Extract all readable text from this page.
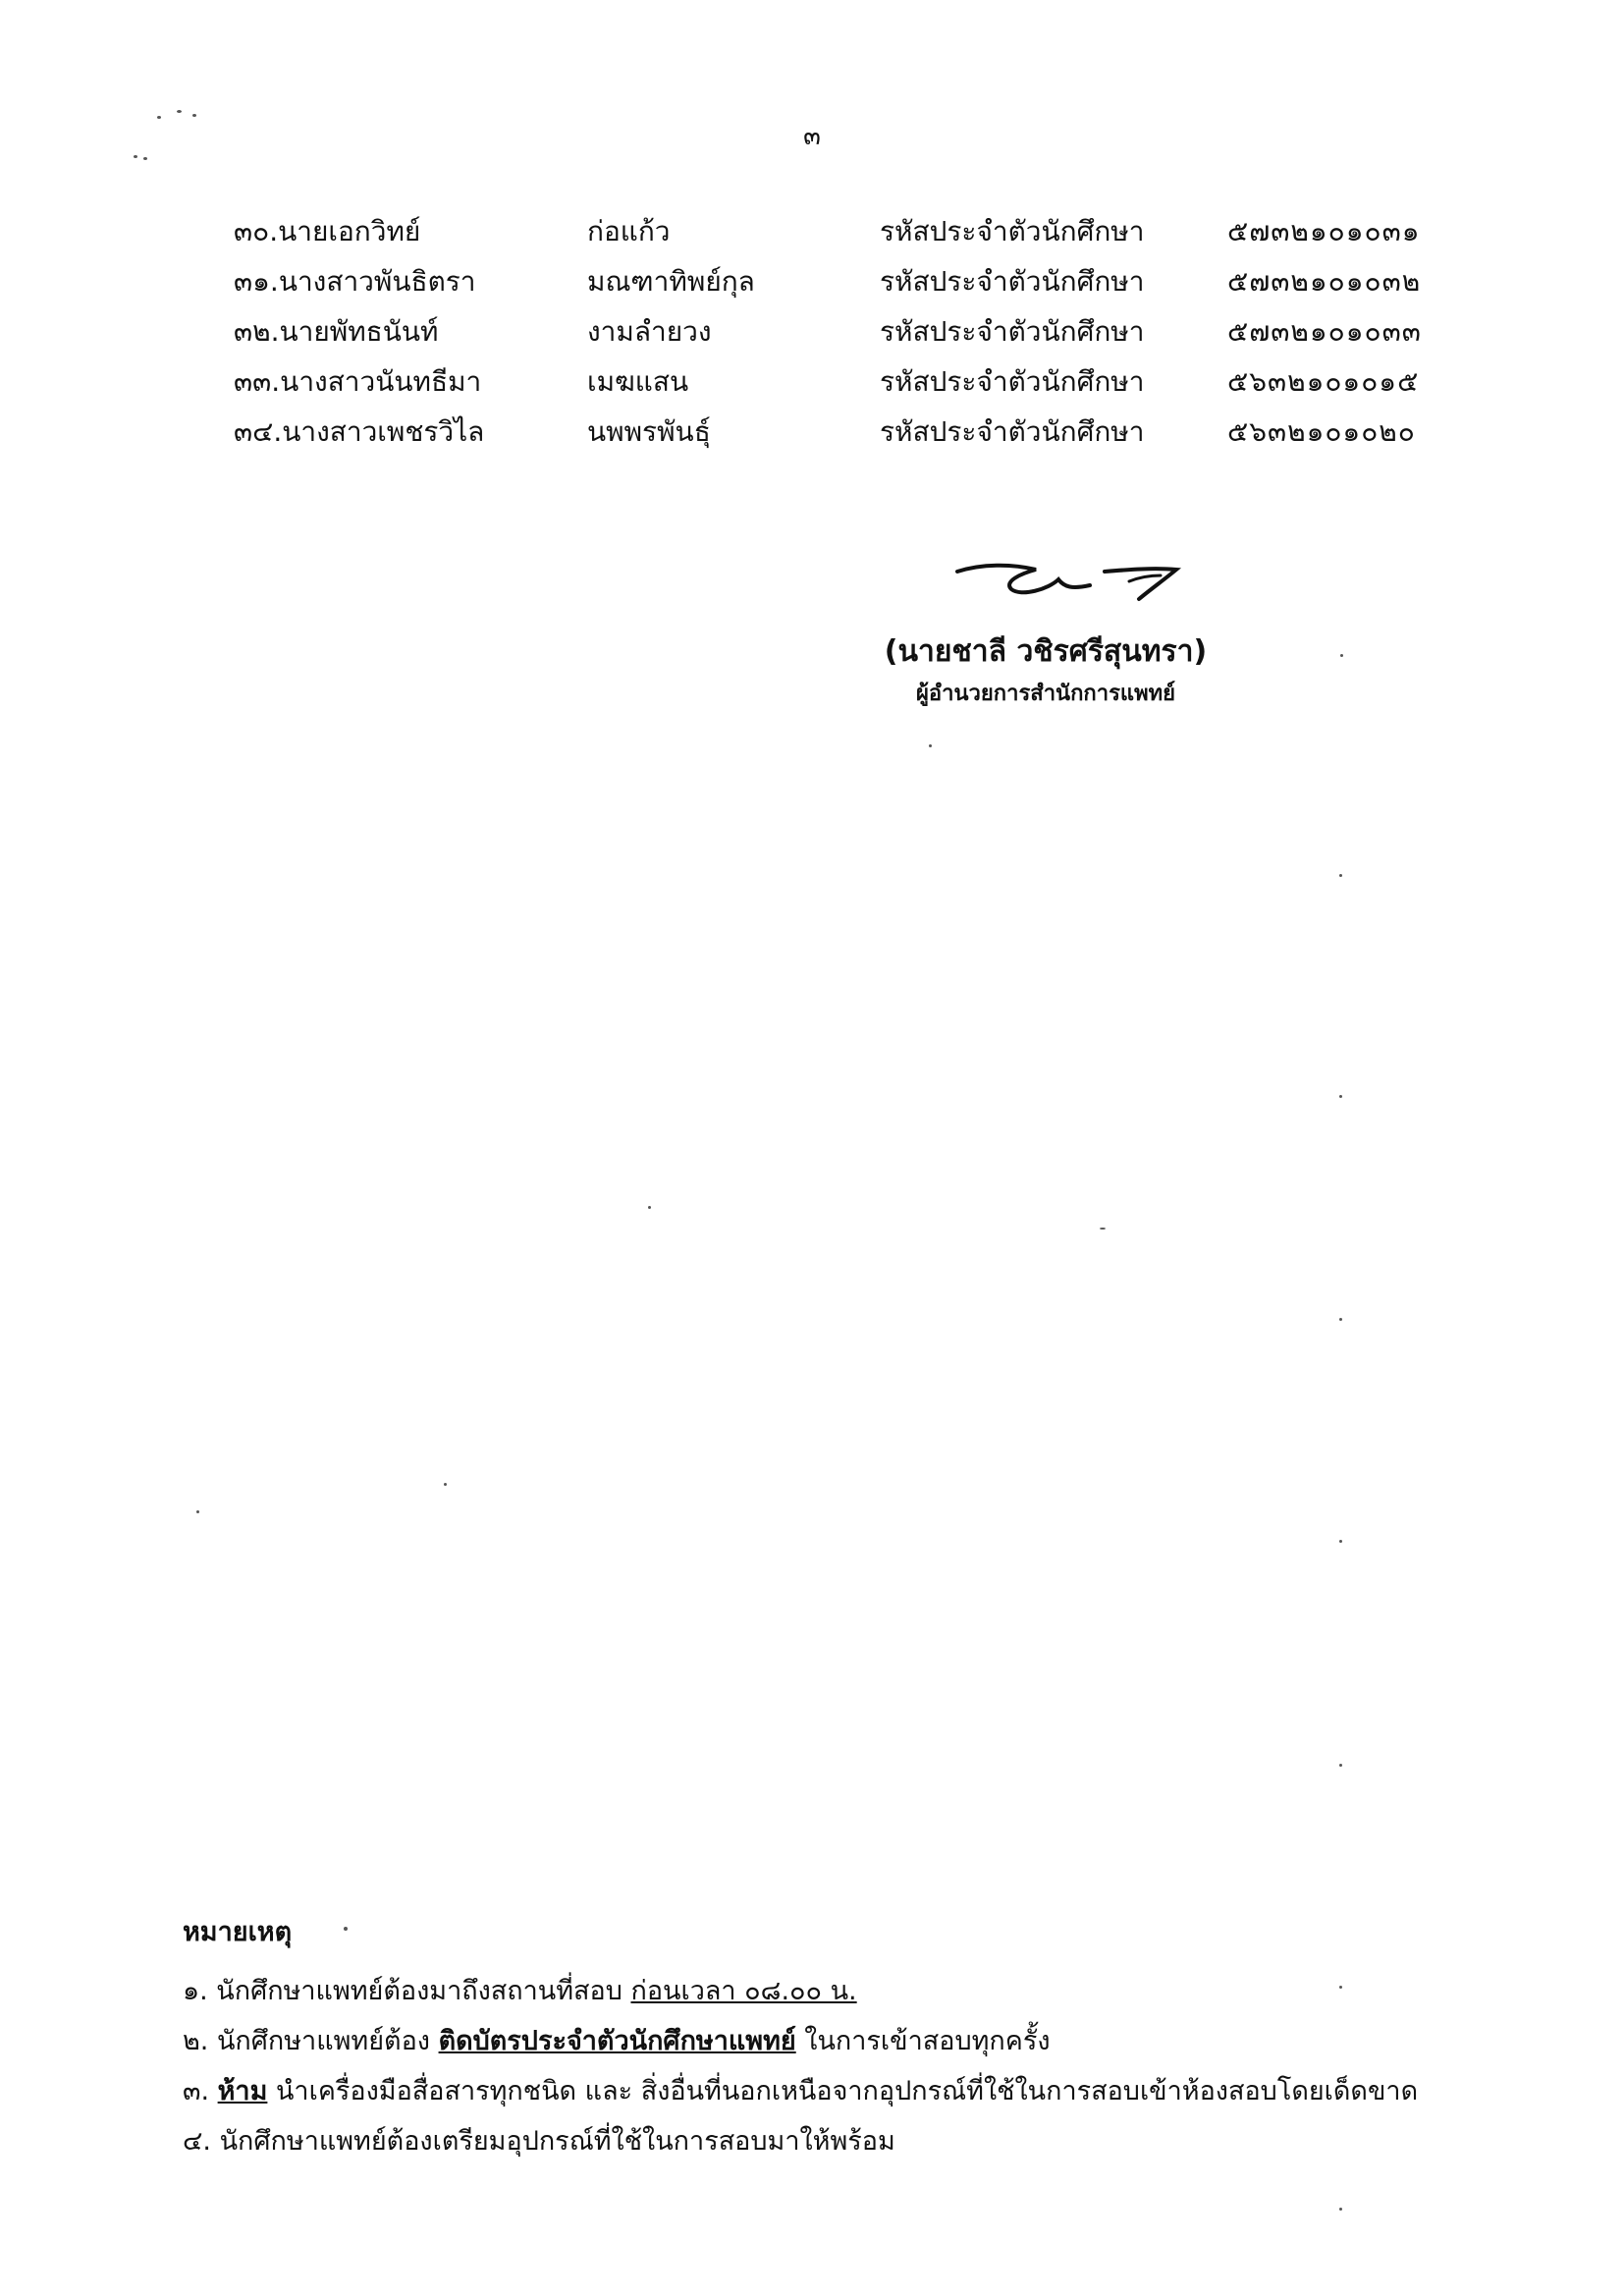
๓
๓๐.นายเอกวิทย์	ก่อแก้ว	รหัสประจำตัวนักศึกษา	๕๗๓๒๑๐๑๐๓๑
๓๑.นางสาวพันธิตรา	มณฑาทิพย์กุล	รหัสประจำตัวนักศึกษา	๕๗๓๒๑๐๑๐๓๒
๓๒.นายพัทธนันท์	งามลำยวง	รหัสประจำตัวนักศึกษา	๕๗๓๒๑๐๑๐๓๓
๓๓.นางสาวนันทธีมา	เมฆแสน	รหัสประจำตัวนักศึกษา	๕๖๓๒๑๐๑๐๑๕
๓๔.นางสาวเพชรวิไล	นพพรพันธุ์	รหัสประจำตัวนักศึกษา	๕๖๓๒๑๐๑๐๒๐
(นายชาลี วชิรศรีสุนทรา)
ผู้อำนวยการสำนักการแพทย์
หมายเหตุ
๑. นักศึกษาแพทย์ต้องมาถึงสถานที่สอบ ก่อนเวลา ๐๘.๐๐ น.
๒. นักศึกษาแพทย์ต้อง ติดบัตรประจำตัวนักศึกษาแพทย์ ในการเข้าสอบทุกครั้ง
๓. ห้าม นำเครื่องมือสื่อสารทุกชนิด และ สิ่งอื่นที่นอกเหนือจากอุปกรณ์ที่ใช้ในการสอบเข้าห้องสอบโดยเด็ดขาด
๔. นักศึกษาแพทย์ต้องเตรียมอุปกรณ์ที่ใช้ในการสอบมาให้พร้อม
